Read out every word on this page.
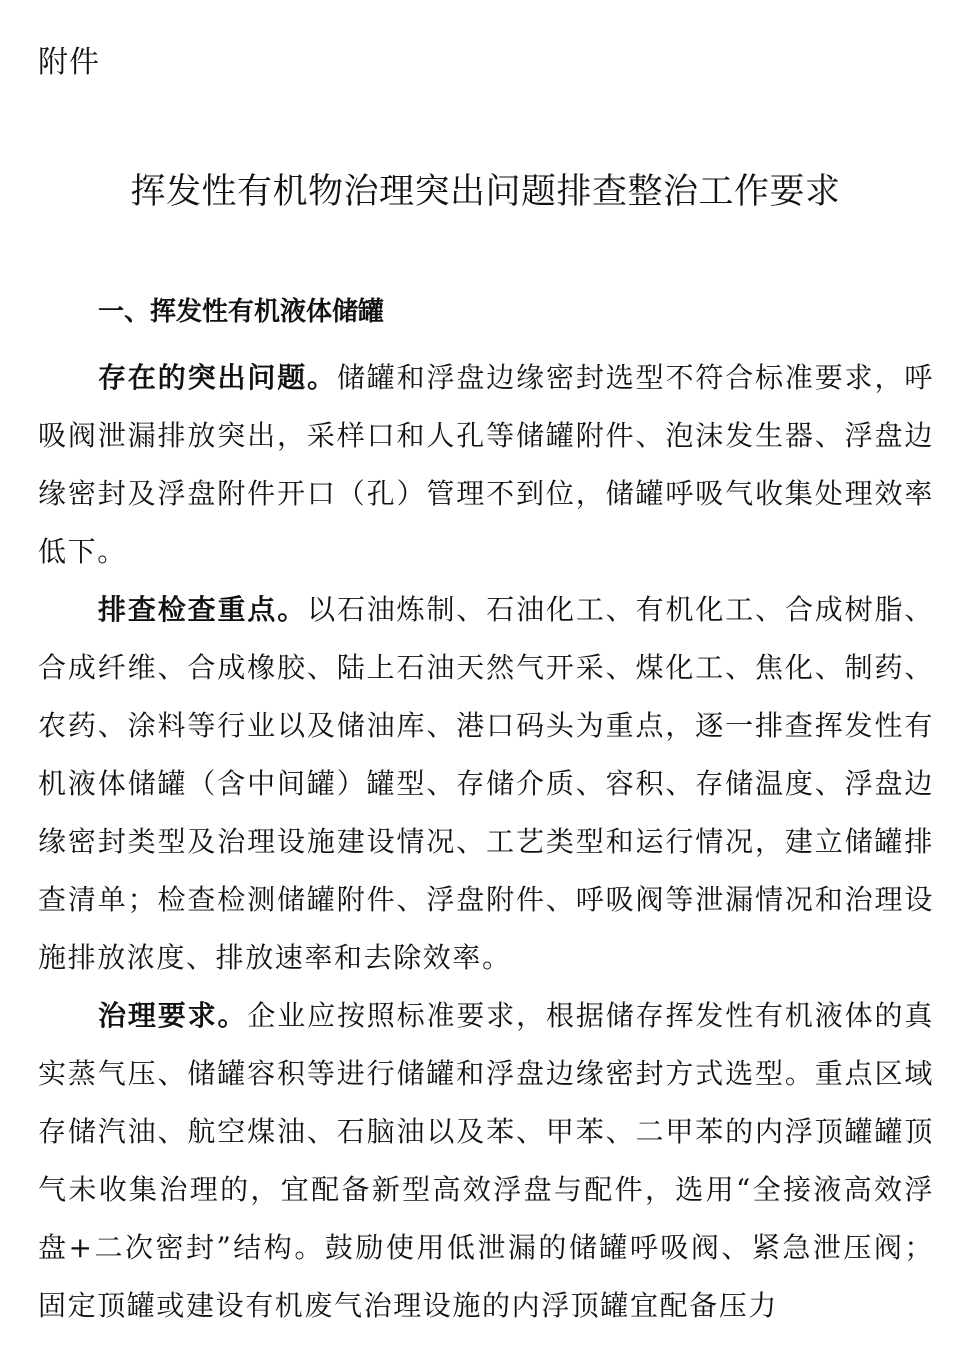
附件
挥发性有机物治理突出问题排查整治工作要求
一、挥发性有机液体储罐

存在的突出问题。储罐和浮盘边缘密封选型不符合标准要求，呼吸阀泄漏排放突出，采样口和人孔等储罐附件、泡沫发生器、浮盘边缘密封及浮盘附件开口（孔）管理不到位，储罐呼吸气收集处理效率低下。

排查检查重点。以石油炼制、石油化工、有机化工、合成树脂、合成纤维、合成橡胶、陆上石油天然气开采、煤化工、焦化、制药、农药、涂料等行业以及储油库、港口码头为重点，逐一排查挥发性有机液体储罐（含中间罐）罐型、存储介质、容积、存储温度、浮盘边缘密封类型及治理设施建设情况、工艺类型和运行情况，建立储罐排查清单；检查检测储罐附件、浮盘附件、呼吸阀等泄漏情况和治理设施排放浓度、排放速率和去除效率。

治理要求。企业应按照标准要求，根据储存挥发性有机液体的真实蒸气压、储罐容积等进行储罐和浮盘边缘密封方式选型。重点区域存储汽油、航空煤油、石脑油以及苯、甲苯、二甲苯的内浮顶罐罐顶气未收集治理的，宜配备新型高效浮盘与配件，选用“全接液高效浮盘+二次密封”结构。鼓励使用低泄漏的储罐呼吸阀、紧急泄压阀；固定顶罐或建设有机废气治理设施的内浮顶罐宜配备压力
